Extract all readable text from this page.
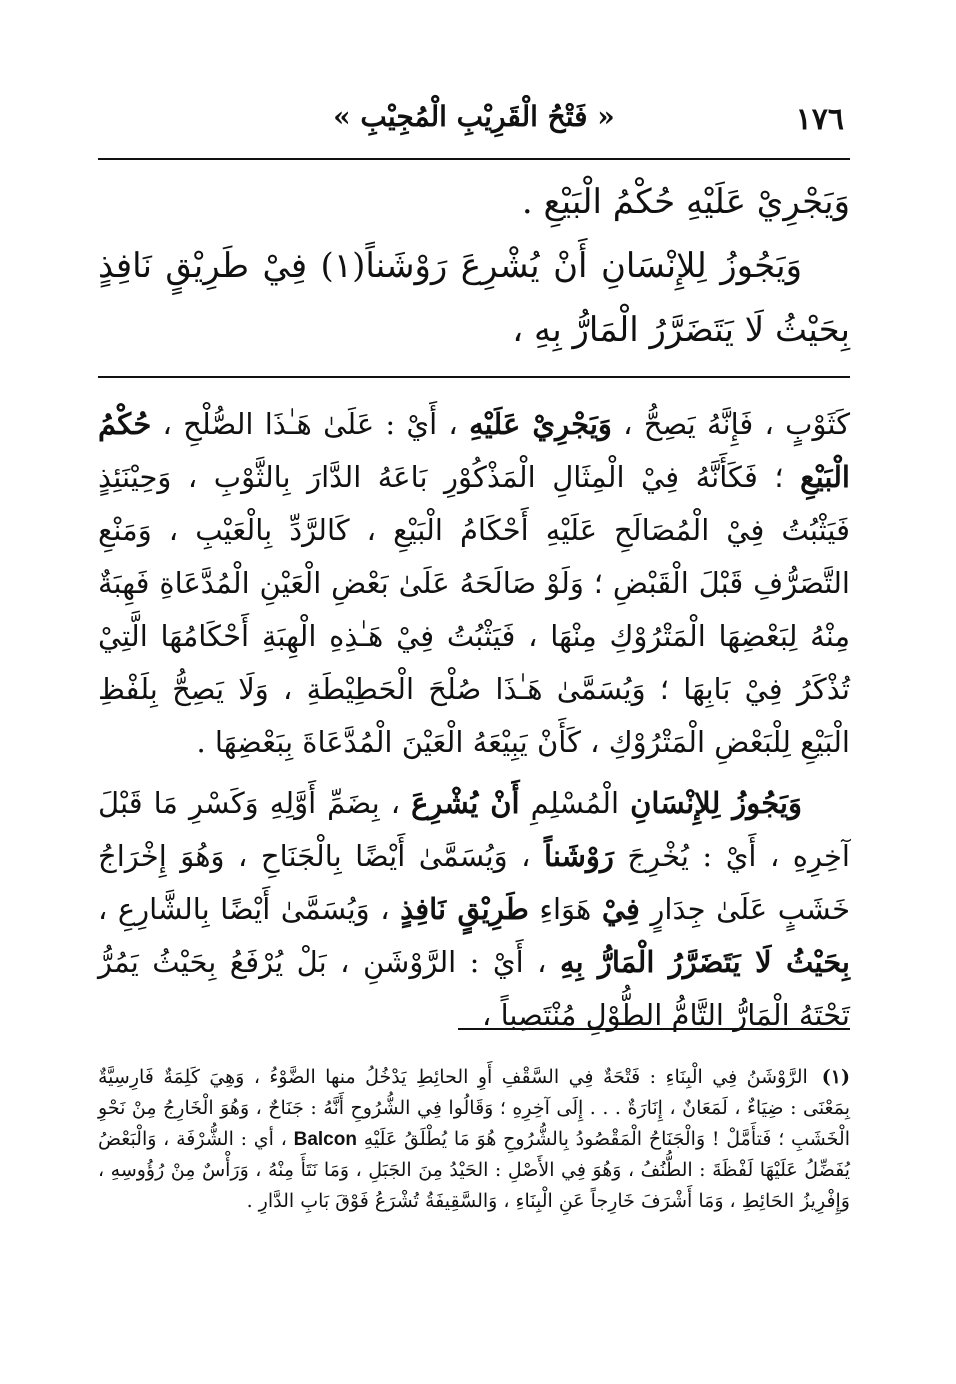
١٧٦
« فَتْحُ الْقَرِيْبِ الْمُجِيْبِ »

وَيَجْرِيْ عَلَيْهِ حُكْمُ الْبَيْعِ .

وَيَجُوزُ لِلإِنْسَانِ أَنْ يُشْرِعَ رَوْشَناً(١) فِيْ طَرِيْقٍ نَافِذٍ بِحَيْثُ لَا يَتَضَرَّرُ الْمَارُّ بِهِ ،

كَثَوْبٍ ، فَإِنَّهُ يَصِحُّ ، وَيَجْرِيْ عَلَيْهِ ، أَيْ : عَلَىٰ هَـٰذَا الصُّلْحِ ، حُكْمُ الْبَيْعِ ؛ فَكَأَنَّهُ فِيْ الْمِثَالِ الْمَذْكُوْرِ بَاعَهُ الدَّارَ بِالثَّوْبِ ، وَحِيْنَئِذٍ فَيَثْبُتُ فِيْ الْمُصَالَحِ عَلَيْهِ أَحْكَامُ الْبَيْعِ ، كَالرَّدِّ بِالْعَيْبِ ، وَمَنْعِ التَّصَرُّفِ قَبْلَ الْقَبْضِ ؛ وَلَوْ صَالَحَهُ عَلَىٰ بَعْضِ الْعَيْنِ الْمُدَّعَاةِ فَهِبَةٌ مِنْهُ لِبَعْضِهَا الْمَتْرُوْكِ مِنْهَا ، فَيَثْبُتُ فِيْ هَـٰذِهِ الْهِبَةِ أَحْكَامُهَا الَّتِيْ تُذْكَرُ فِيْ بَابِهَا ؛ وَيُسَمَّىٰ هَـٰذَا صُلْحَ الْحَطِيْطَةِ ، وَلَا يَصِحُّ بِلَفْظِ الْبَيْعِ لِلْبَعْضِ الْمَتْرُوْكِ ، كَأَنْ يَبِيْعَهُ الْعَيْنَ الْمُدَّعَاةَ بِبَعْضِهَا .

وَيَجُوزُ لِلإِنْسَانِ الْمُسْلِمِ أَنْ يُشْرِعَ ، بِضَمِّ أَوَّلِهِ وَكَسْرِ مَا قَبْلَ آخِرِهِ ، أَيْ : يُخْرِجَ رَوْشَناً ، وَيُسَمَّىٰ أَيْضًا بِالْجَنَاحِ ، وَهُوَ إِخْرَاجُ خَشَبٍ عَلَىٰ جِدَارٍ فِيْ هَوَاءِ طَرِيْقٍ نَافِذٍ ، وَيُسَمَّىٰ أَيْضًا بِالشَّارِعِ ، بِحَيْثُ لَا يَتَضَرَّرُ الْمَارُّ بِهِ ، أَيْ : الرَّوْشَنِ ، بَلْ يُرْفَعُ بِحَيْثُ يَمُرُّ تَحْتَهُ الْمَارُّ التَّامُّ الطُّوْلِ مُنْتَصِباً ،

(١)الرَّوْشَنُ فِي الْبِنَاءِ : فَتْحَةٌ فِي السَّقْفِ أَوِ الحائِطِ يَدْخُلُ منها الضَّوْءُ ، وَهِيَ كَلِمَةٌ فَارِسِيَّةٌ بِمَعْنَى : ضِيَاءٌ ، لَمَعَانٌ ، إِنَارَةٌ . . . إِلَى آخِرِهِ ؛ وَقَالُوا فِي الشُّرُوحِ أَنَّهُ : جَنَاحٌ ، وَهُوَ الْخَارِجُ مِنْ نَحْوِ الْخَشَبِ ؛ فَتأَمَّلْ ! وَالْجَنَاحُ الْمَقْصُودُ بِالشُّرُوحِ هُوَ مَا يُطْلَقُ عَلَيْهِ Balcon ، أي : الشُّرْفَة ، وَالْبَعْضُ يُفَضِّلُ عَلَيْهَا لَفْظَةَ : الطُّنُفُ ، وَهُوَ فِي الأَصْلِ : الحَيْدُ مِنَ الجَبَلِ ، وَمَا نَتَأَ مِنْهُ ، وَرَأْسٌ مِنْ رُؤُوسِهِ ، وَإِفْرِيزُ الحَائِطِ ، وَمَا أَشْرَفَ خَارِجاً عَنِ الْبِنَاءِ ، وَالسَّقِيفَةُ تُشْرَعُ فَوْقَ بَابِ الدَّارِ .
